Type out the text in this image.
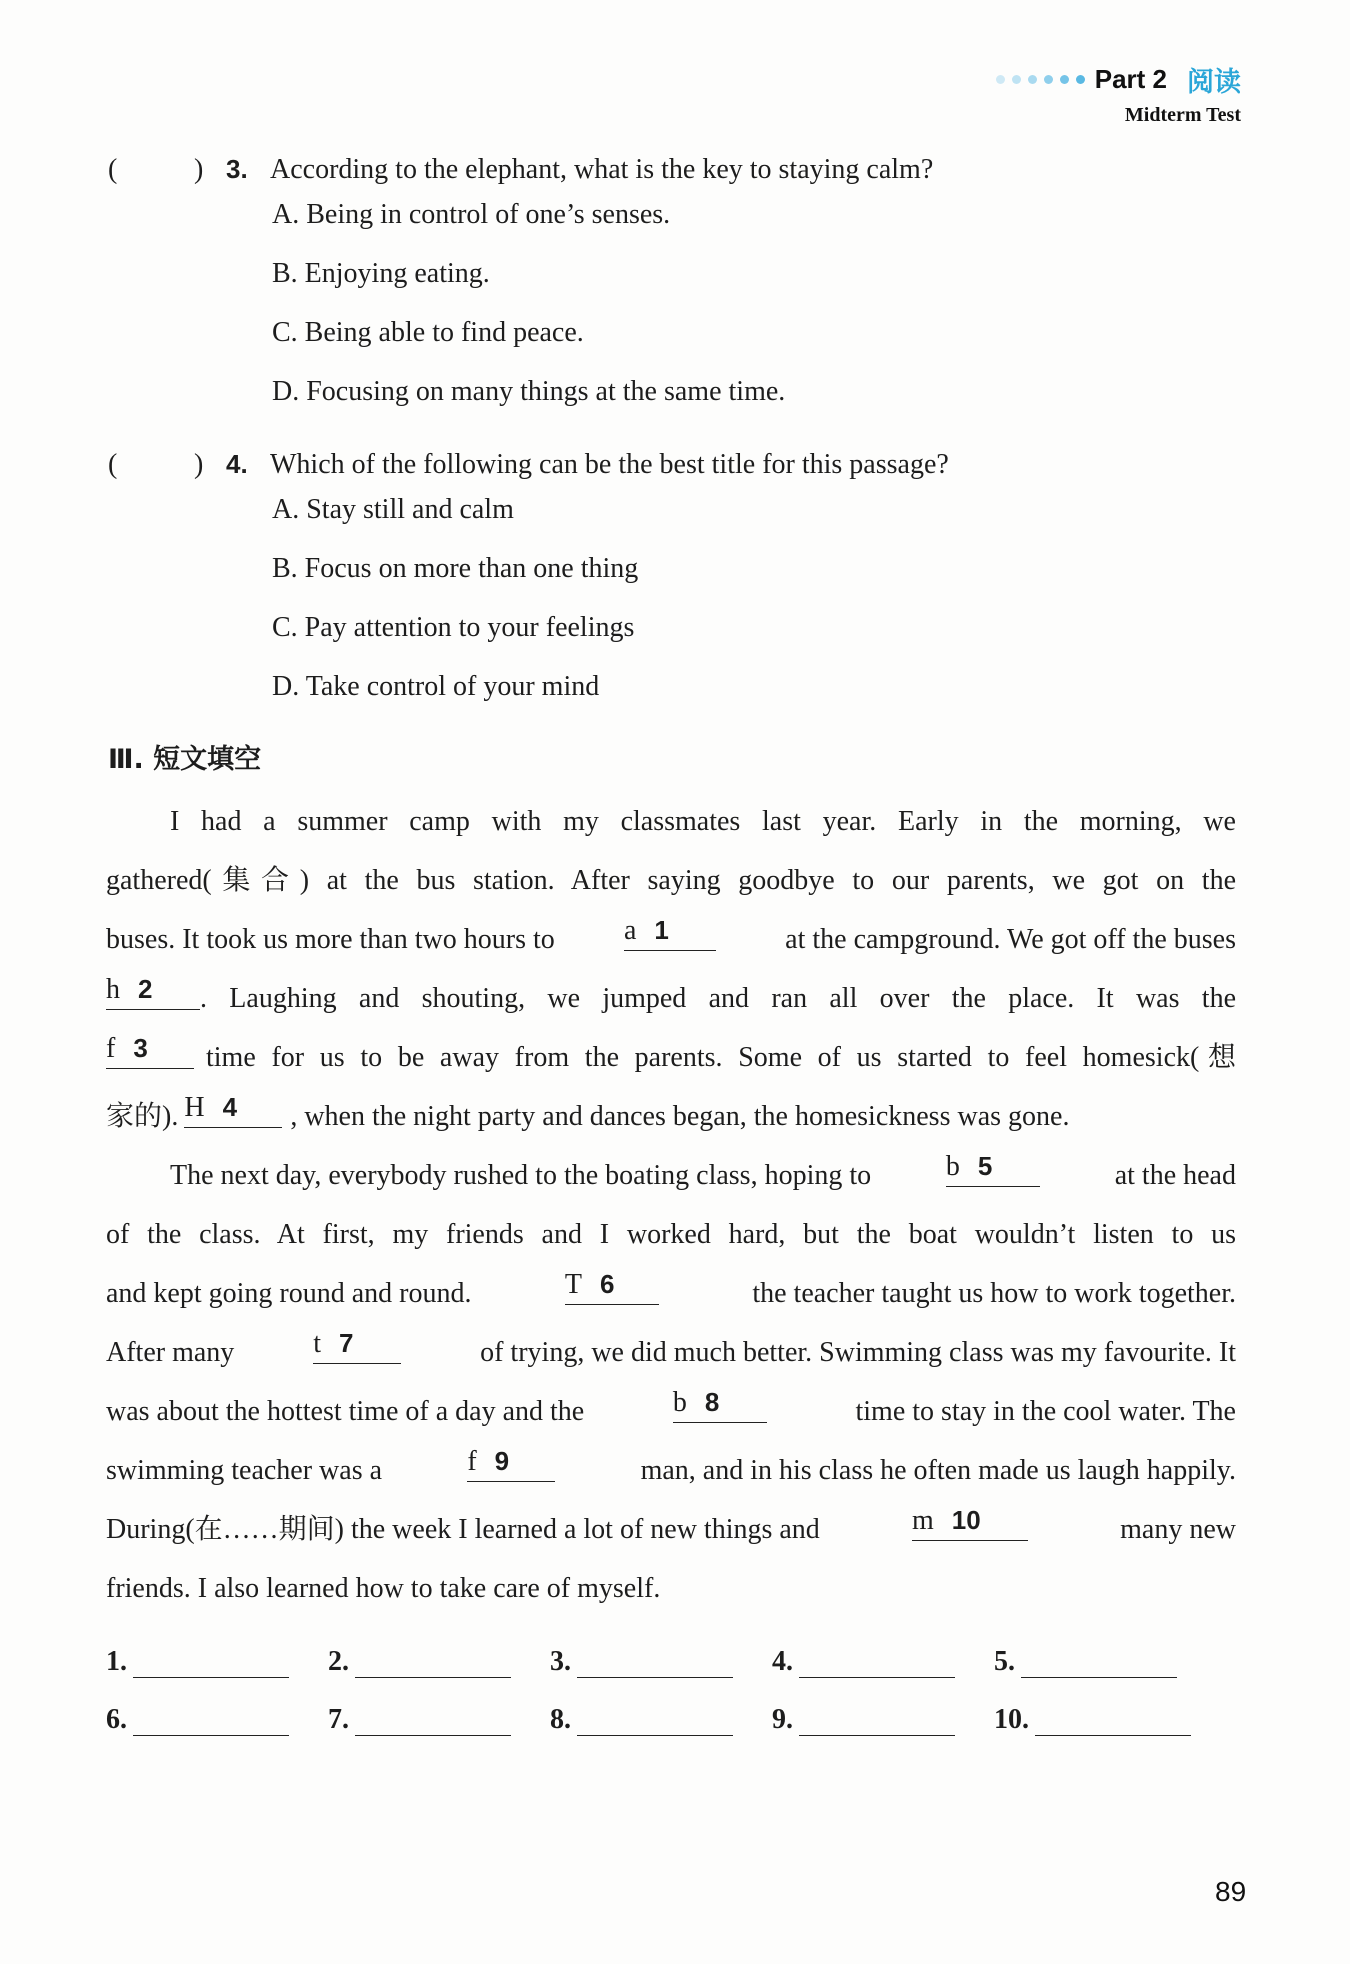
Part 2 阅读
Midterm Test
(	) 3. According to the elephant, what is the key to staying calm?
A. Being in control of one’s senses.
B. Enjoying eating.
C. Being able to find peace.
D. Focusing on many things at the same time.
(	) 4. Which of the following can be the best title for this passage?
A. Stay still and calm
B. Focus on more than one thing
C. Pay attention to your feelings
D. Take control of your mind
Ⅲ. 短文填空
I had a summer camp with my classmates last year. Early in the morning, we
gathered(集合) at the bus station. After saying goodbye to our parents, we got on the
buses. It took us more than two hours to a 1	at the campground. We got off the buses
h 2	. Laughing and shouting, we jumped and ran all over the place. It was the
f 3	time for us to be away from the parents. Some of us started to feel homesick(想
家的). H 4	, when the night party and dances began, the homesickness was gone.
The next day, everybody rushed to the boating class, hoping to	b 5	at the head
of the class. At first, my friends and I worked hard, but the boat wouldn’t listen to us
and kept going round and round.	T 6	the teacher taught us how to work together.
After many	t 7	of trying, we did much better. Swimming class was my favourite. It
was about the hottest time of a day and the	b 8	time to stay in the cool water. The
swimming teacher was a	f 9	man, and in his class he often made us laugh happily.
During(在……期间) the week I learned a lot of new things and	m 10	many new
friends. I also learned how to take care of myself.
1.	2.	3.	4.	5.
6.	7.	8.	9.	10.
89
